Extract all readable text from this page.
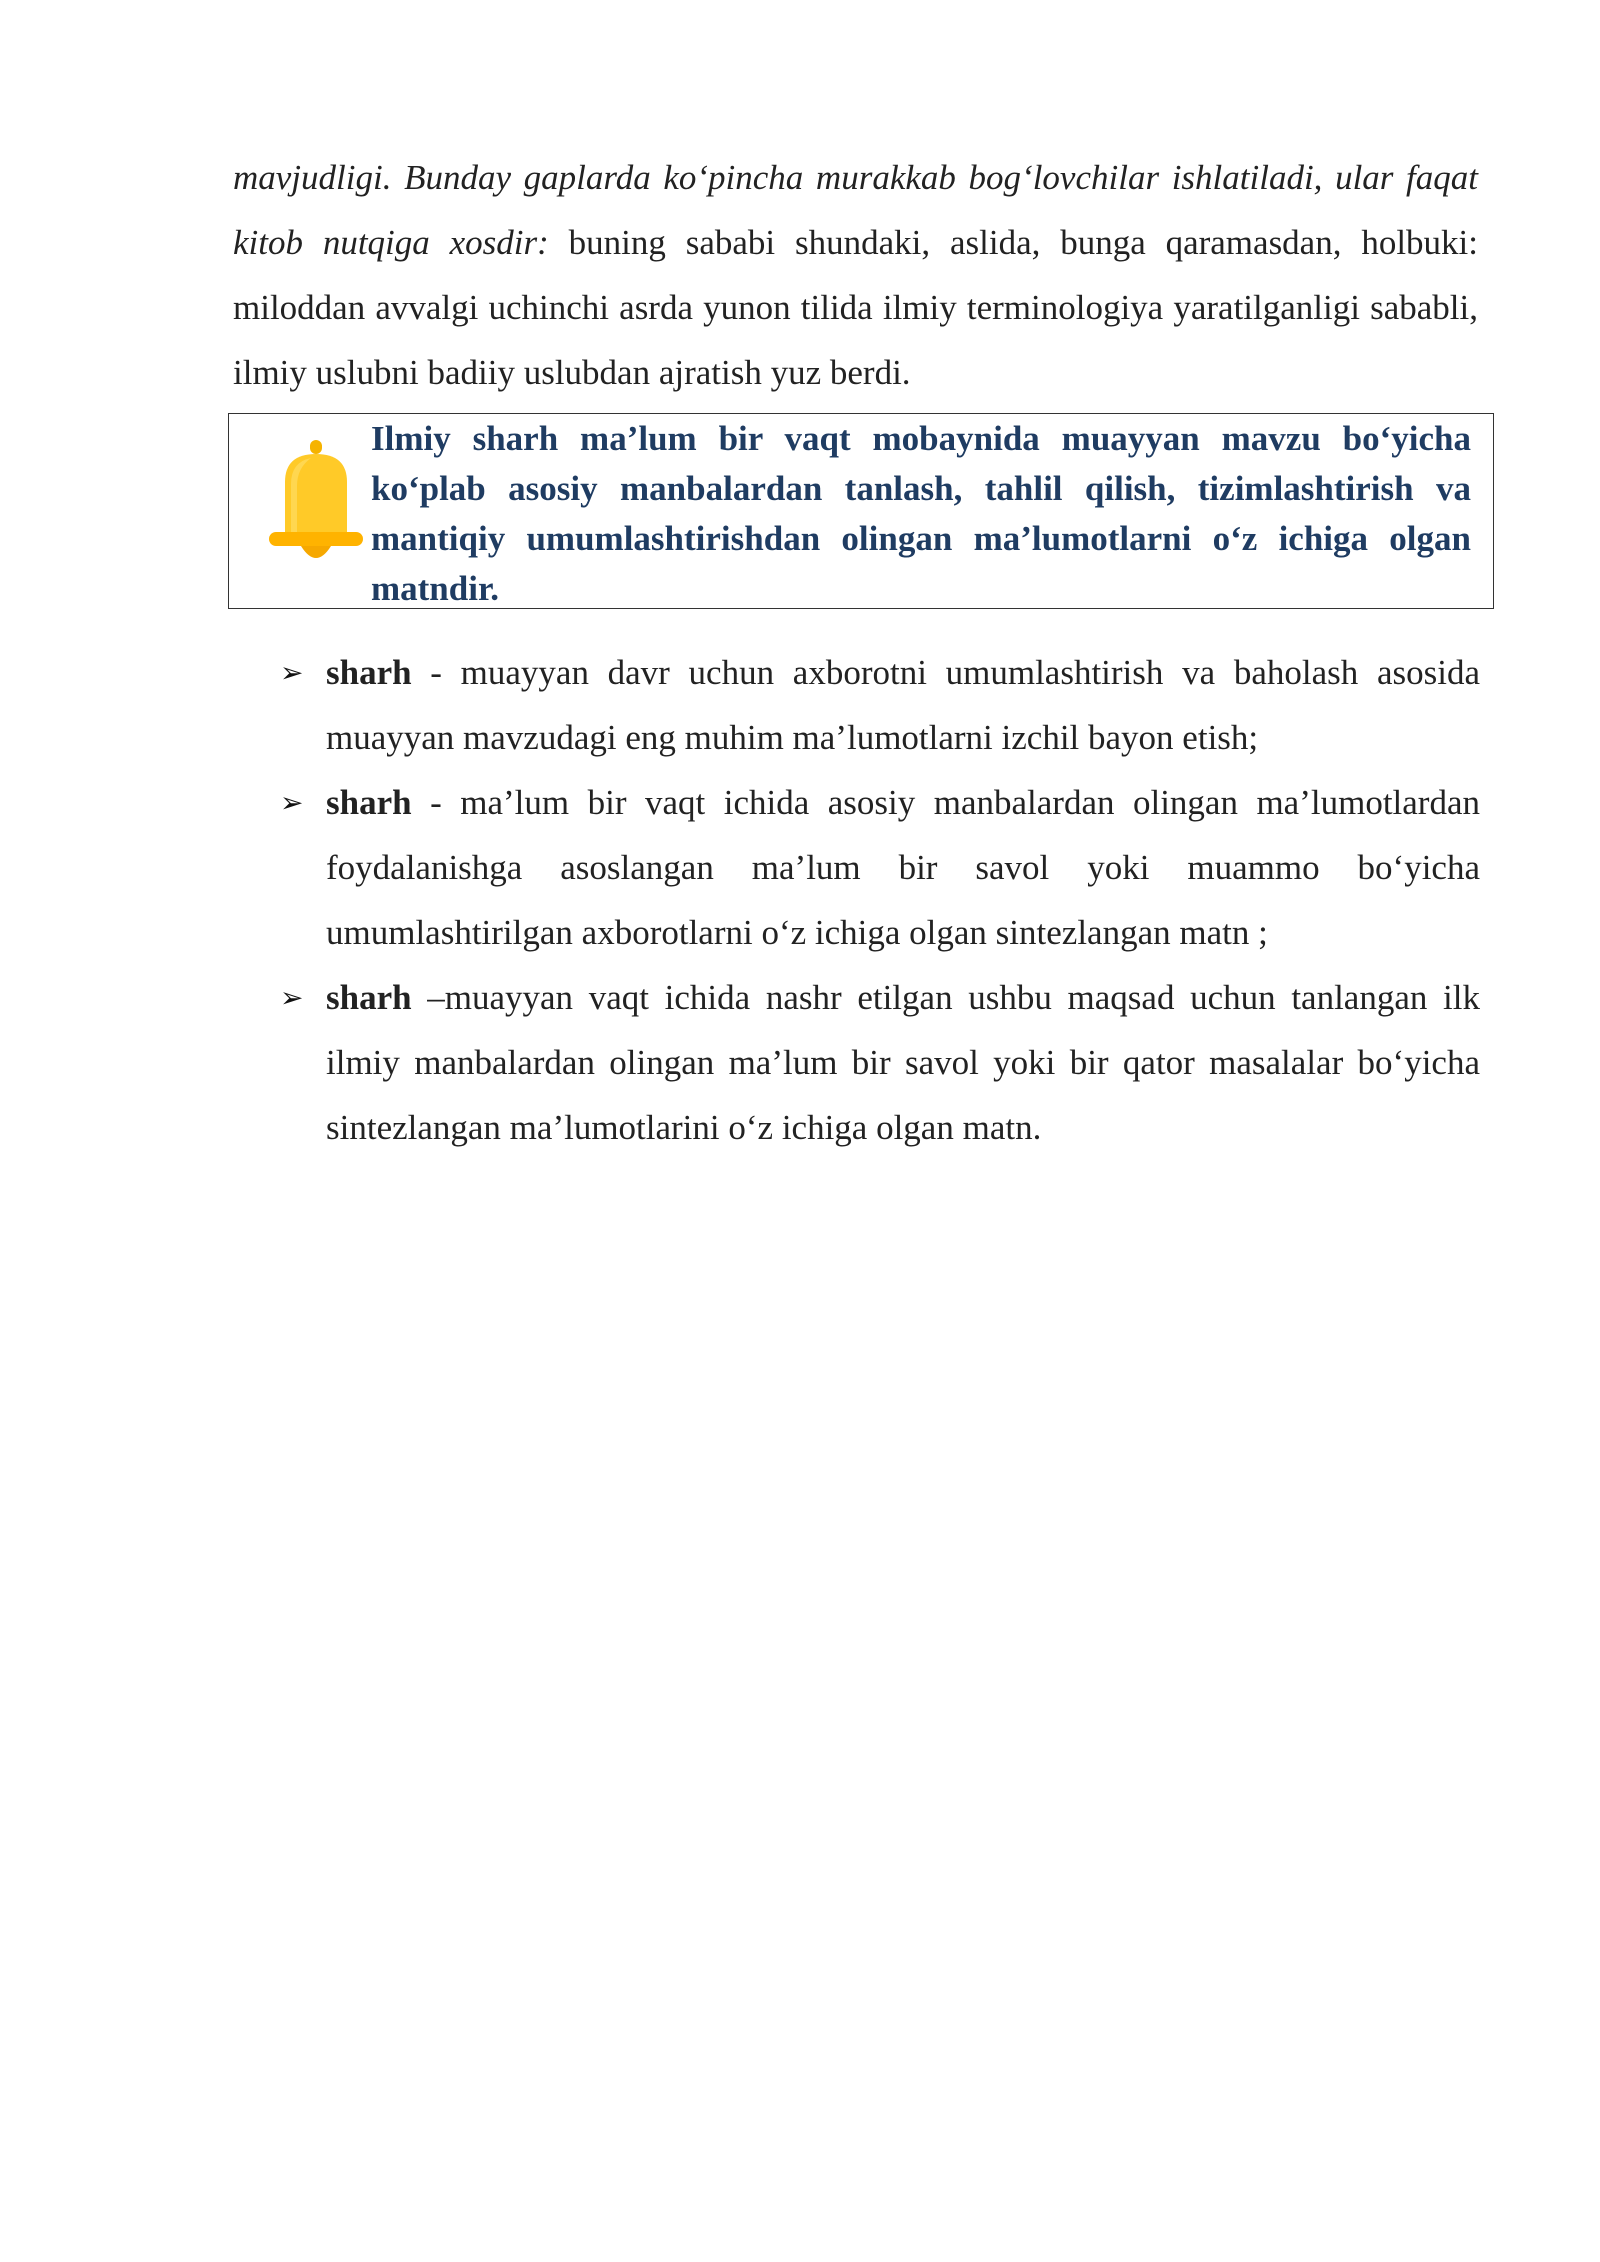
mavjudligi. Bunday gaplarda ko‘pincha murakkab bog‘lovchilar ishlatiladi, ular faqat kitob nutqiga xosdir: buning sababi shundaki, aslida, bunga qaramasdan, holbuki: miloddan avvalgi uchinchi asrda yunon tilida ilmiy terminologiya yaratilganligi sababli, ilmiy uslubni badiiy uslubdan ajratish yuz berdi.

Ilmiy sharh ma’lum bir vaqt mobaynida muayyan mavzu bo‘yicha ko‘plab asosiy manbalardan tanlash, tahlil qilish, tizimlashtirish va mantiqiy umumlashtirishdan olingan ma’lumotlarni o‘z ichiga olgan matndir.

➢ sharh - muayyan davr uchun axborotni umumlashtirish va baholash asosida muayyan mavzudagi eng muhim ma’lumotlarni izchil bayon etish;
➢ sharh - ma’lum bir vaqt ichida asosiy manbalardan olingan ma’lumotlardan foydalanishga asoslangan ma’lum bir savol yoki muammo bo‘yicha umumlashtirilgan axborotlarni o‘z ichiga olgan sintezlangan matn ;
➢ sharh –muayyan vaqt ichida nashr etilgan ushbu maqsad uchun tanlangan ilk ilmiy manbalardan olingan ma’lum bir savol yoki bir qator masalalar bo‘yicha sintezlangan ma’lumotlarini o‘z ichiga olgan matn.
